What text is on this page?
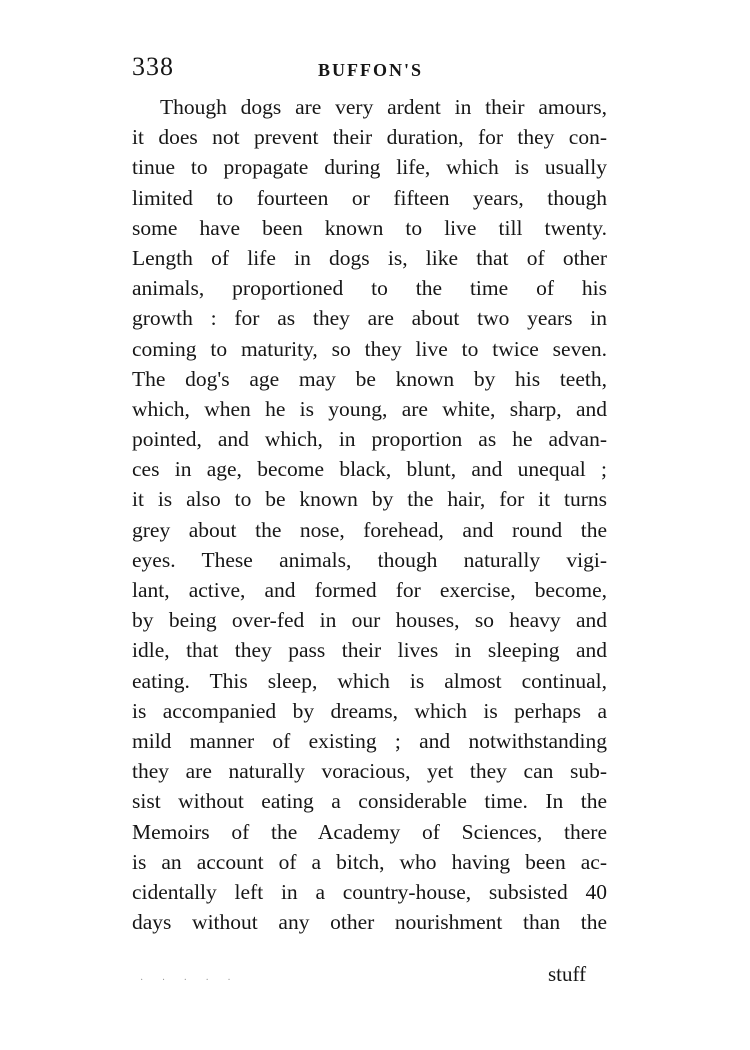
338	BUFFON'S
Though dogs are very ardent in their amours,
it does not prevent their duration, for they con-
tinue to propagate during life, which is usually
limited to fourteen or fifteen years, though
some have been known to live till twenty.
Length of life in dogs is, like that of other
animals, proportioned to the time of his
growth : for as they are about two years in
coming to maturity, so they live to twice seven.
The dog's age may be known by his teeth,
which, when he is young, are white, sharp, and
pointed, and which, in proportion as he advan-
ces in age, become black, blunt, and unequal ;
it is also to be known by the hair, for it turns
grey about the nose, forehead, and round the
eyes. These animals, though naturally vigi-
lant, active, and formed for exercise, become,
by being over-fed in our houses, so heavy and
idle, that they pass their lives in sleeping and
eating. This sleep, which is almost continual,
is accompanied by dreams, which is perhaps a
mild manner of existing ; and notwithstanding
they are naturally voracious, yet they can sub-
sist without eating a considerable time. In the
Memoirs of the Academy of Sciences, there
is an account of a bitch, who having been ac-
cidentally left in a country-house, subsisted 40
days without any other nourishment than the
· · · · ·	stuff
